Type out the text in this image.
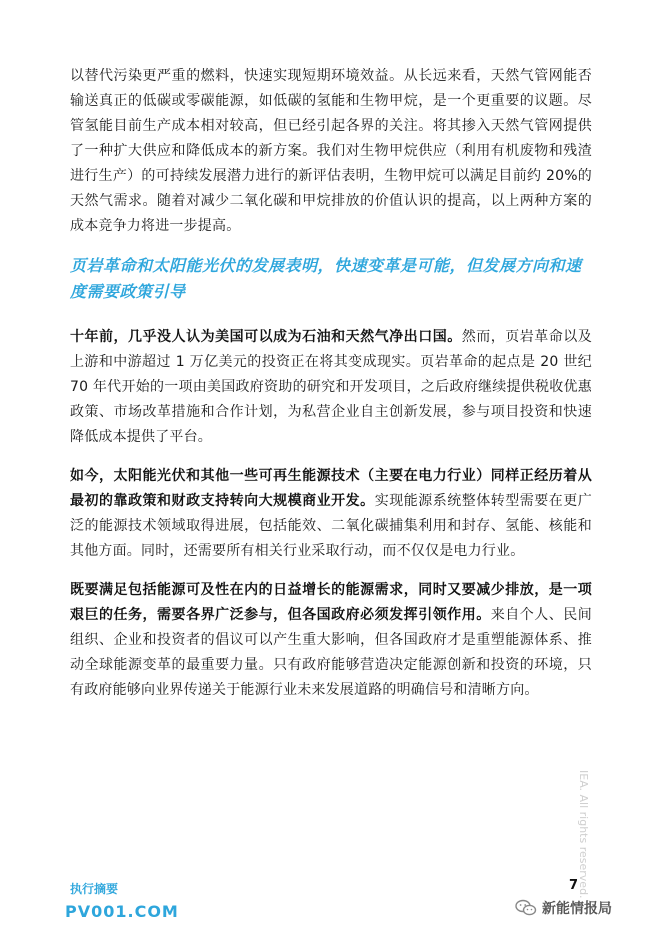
以替代污染更严重的燃料，快速实现短期环境效益。从长远来看，天然气管网能否输送真正的低碳或零碳能源，如低碳的氢能和生物甲烷，是一个更重要的议题。尽管氢能目前生产成本相对较高，但已经引起各界的关注。将其掺入天然气管网提供了一种扩大供应和降低成本的新方案。我们对生物甲烷供应（利用有机废物和残渣进行生产）的可持续发展潜力进行的新评估表明，生物甲烷可以满足目前约 20%的天然气需求。随着对减少二氧化碳和甲烷排放的价值认识的提高，以上两种方案的成本竞争力将进一步提高。

页岩革命和太阳能光伏的发展表明，快速变革是可能，但发展方向和速度需要政策引导

十年前，几乎没人认为美国可以成为石油和天然气净出口国。然而，页岩革命以及上游和中游超过 1 万亿美元的投资正在将其变成现实。页岩革命的起点是 20 世纪 70 年代开始的一项由美国政府资助的研究和开发项目，之后政府继续提供税收优惠政策、市场改革措施和合作计划，为私营企业自主创新发展，参与项目投资和快速降低成本提供了平台。

如今，太阳能光伏和其他一些可再生能源技术（主要在电力行业）同样正经历着从最初的靠政策和财政支持转向大规模商业开发。实现能源系统整体转型需要在更广泛的能源技术领域取得进展，包括能效、二氧化碳捕集利用和封存、氢能、核能和其他方面。同时，还需要所有相关行业采取行动，而不仅仅是电力行业。

既要满足包括能源可及性在内的日益增长的能源需求，同时又要减少排放，是一项艰巨的任务，需要各界广泛参与，但各国政府必须发挥引领作用。来自个人、民间组织、企业和投资者的倡议可以产生重大影响，但各国政府才是重塑能源体系、推动全球能源变革的最重要力量。只有政府能够营造决定能源创新和投资的环境，只有政府能够向业界传递关于能源行业未来发展道路的明确信号和清晰方向。

IEA. All rights reserved.
执行摘要	7
PV001.COM	新能情报局
